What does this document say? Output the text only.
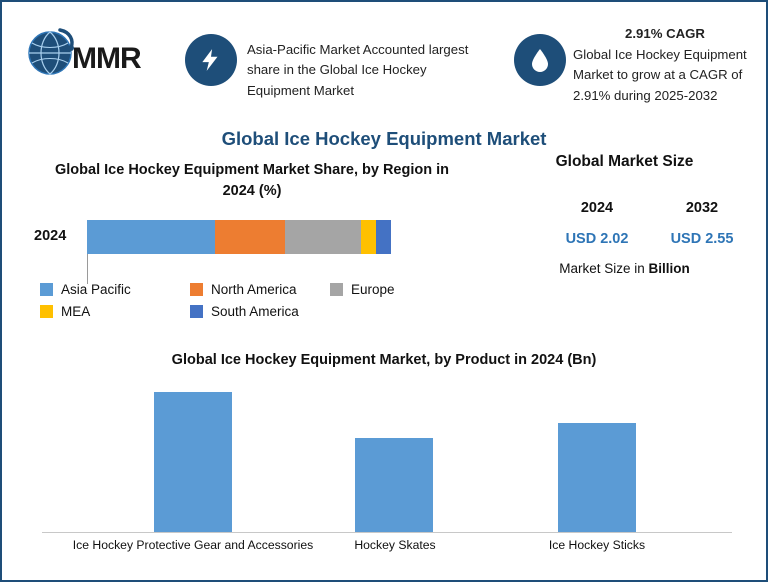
MMR	Asia-Pacific Market Accounted largest share in the Global Ice Hockey Equipment Market
2.91% CAGR
Global Ice Hockey Equipment Market to grow at a CAGR of 2.91% during 2025-2032
Global Ice Hockey Equipment Market
Global Ice Hockey Equipment Market Share, by Region in 2024 (%)
2024
Asia Pacific	North America	Europe
MEA	South America
Global Market Size
2024
USD 2.02
2032
USD 2.55
Market Size in Billion
Global Ice Hockey Equipment Market, by Product in 2024 (Bn)
Ice Hockey Protective Gear and Accessories	Hockey Skates	Ice Hockey Sticks
